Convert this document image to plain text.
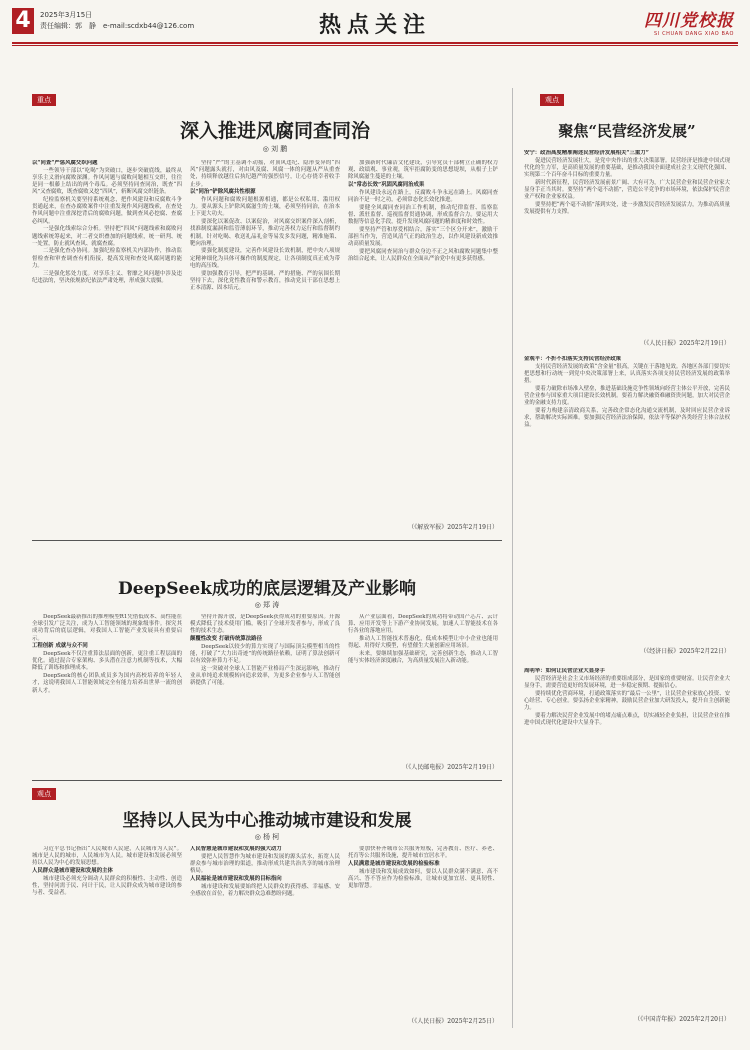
4	2025年3月15日
责任编辑：郭　静　e-mail:scdxb44@126.com	热点关注	四川党校报
SI CHUAN DANG XIAO BAO
重点
深入推进风腐同查同治
◎ 刘 鹏

以“同查”严惩风腐交织问题

一些领导干部以“吃喝”为突破口，逐步突破底线，最终从享乐主义滑向腐败深渊。作风问题与腐败问题相互交织，往往是同一根藤上结出的两个毒瓜。必须坚持同查同治，既查“四风”又查腐败，既查腐败又挖“四风”，斩断风腐交织链条。

纪检监察机关要坚持系统观念，把作风建设和反腐败斗争贯通起来，在查办腐败案件中注重发现作风问题线索，在查处作风问题中注重深挖背后的腐败问题，做到查风必挖腐、查腐必纠风。

一是强化线索综合分析。坚持把“四风”问题线索和腐败问题线索统筹起来，对二者交织叠加的问题线索，统一研判、统一处置，防止就风查风、就腐查腐。

二是强化查办协同。加强纪检监察机关内部协作，推动监督检查和审查调查有机衔接，提高发现和查处风腐问题的能力。

三是强化惩处力度。对享乐主义、奢靡之风问题中涉及违纪违法的，坚决依规依纪依法严肃处理，形成强大震慑。

坚持“严”的主基调不动摇，对顶风违纪、隐形变异的“四风”问题露头就打，对由风及腐、风腐一体的问题从严从重查处，持续释放越往后执纪越严的强烈信号，让心存侥幸者收手止步。

以“同治”铲除风腐共性根源

作风问题和腐败问题根源相通，都是公权私用、滥用权力。要从源头上铲除风腐滋生的土壤，必须坚持同治，在治本上下更大功夫。

要深化以案促改、以案促治，对风腐交织案件深入剖析，找准制度漏洞和监管薄弱环节，推动完善权力运行和监督制约机制。针对吃喝、收送礼品礼金等易发多发问题，精准施策、靶向治理。

要强化制度建设，完善作风建设长效机制，把中央八项规定精神细化为具体可操作的制度规定，让各项制度真正成为带电的高压线。

要加强教育引导，把严的基调、严的措施、严的氛围长期坚持下去，深化党性教育和警示教育，推动党员干部在思想上正本清源、固本培元。

加强新时代廉洁文化建设，引导党员干部树立正确的权力观、政绩观、事业观，筑牢拒腐防变的思想堤坝，从根子上铲除风腐滋生蔓延的土壤。

以“常态长效”巩固风腐同治成果

作风建设永远在路上，反腐败斗争永远在路上。风腐同查同治不是一时之功，必须常态化长效化推进。

要健全风腐同查同治工作机制，推动纪律监督、监察监督、派驻监督、巡视监督贯通协调，形成监督合力。要运用大数据等信息化手段，提升发现风腐问题的精准度和时效性。

要坚持严管和厚爱相结合，落实“三个区分开来”，激励干部担当作为，营造风清气正的政治生态，以作风建设新成效推动高质量发展。

要把风腐同查同治与群众身边不正之风和腐败问题集中整治结合起来，让人民群众在全面从严治党中有更多获得感。

（《解放军报》2025年2月19日）
DeepSeek成功的底层逻辑及产业影响
◎ 郑 涛

DeepSeek最新推出的推理模型R1凭借低成本、高性能在全球引发广泛关注，成为人工智能领域的现象级事件。探究其成功背后的底层逻辑，对我国人工智能产业发展具有重要启示。

工程创新 成就与众不同

DeepSeek不仅注重算法层面的创新，更注重工程层面的优化。通过混合专家架构、多头潜在注意力机制等技术，大幅降低了训练和推理成本。

DeepSeek的核心团队成员多为国内高校培养的年轻人才，这说明我国人工智能领域完全有能力培养出世界一流的创新人才。

坚持开源开放，是DeepSeek获得成功的重要原因。开源模式降低了技术使用门槛，吸引了全球开发者参与，形成了良性的技术生态。

颠覆性改变 打破传统算法路径

DeepSeek以较少的算力实现了与国际顶尖模型相当的性能，打破了“大力出奇迹”的传统路径依赖，证明了算法创新可以有效弥补算力不足。

这一突破对全球人工智能产业格局产生深远影响，推动行业从单纯追求规模转向追求效率，为更多企业参与人工智能创新提供了可能。

从产业层面看，DeepSeek的成功将带动国产芯片、云计算、应用开发等上下游产业协同发展，加速人工智能技术在各行各业的落地应用。

推动人工智能技术普惠化，低成本模型让中小企业也能用得起、用得好大模型，有望催生大量创新应用场景。

未来，要继续加强基础研究，完善创新生态，推动人工智能与实体经济深度融合，为高质量发展注入新动能。

（《人民邮电报》2025年2月19日）
观点
坚持以人民为中心推动城市建设和发展
◎ 杨 柯

习近平总书记指出“人民城市人民建，人民城市为人民”。城市是人民的城市，人民城市为人民。城市建设和发展必须坚持以人民为中心的发展思想。

人民群众是城市建设和发展的主体

城市建设必须充分调动人民群众的积极性、主动性、创造性，坚持问需于民、问计于民，让人民群众成为城市建设的参与者、受益者。

人民智慧是城市建设和发展的强大动力

要把人民智慧作为城市建设和发展的源头活水，拓宽人民群众参与城市治理的渠道，推动形成共建共治共享的城市治理格局。

人民福祉是城市建设和发展的目标指向

城市建设和发展要始终把人民群众的获得感、幸福感、安全感放在首位，着力解决群众急难愁盼问题。

要加快补齐城市公共服务短板，完善教育、医疗、养老、托育等公共服务设施，提升城市宜居水平。

人民满意是城市建设和发展的检验标准

城市建设和发展成效如何，要以人民群众满不满意、高不高兴、答不答应作为检验标准，让城市更加宜居、更具韧性、更加智慧。

（《人民日报》2025年2月25日）
观点
聚焦“民营经济发展”

安宁：政治高度精准阐述民营经济发展相关“三重力”

促进民营经济发展壮大，是党中央作出的重大决策部署。民营经济是推进中国式现代化的生力军，是高质量发展的重要基础，是推动我国全面建成社会主义现代化强国、实现第二个百年奋斗目标的重要力量。

新时代新征程，民营经济发展前景广阔、大有可为，广大民营企业和民营企业家大显身手正当其时。要坚持“两个毫不动摇”，营造公平竞争的市场环境，依法保护民营企业产权和企业家权益。

要坚持把“两个毫不动摇”落到实处，进一步激发民营经济发展活力，为推动高质量发展提供有力支撑。

（《人民日报》2025年2月19日）

金观平：不折不扣落实支持民营经济政策

支持民营经济发展的政策“含金量”很高，关键在于落地见效。各地区各部门要切实把思想和行动统一到党中央决策部署上来，认真落实各项支持民营经济发展的政策举措。

要着力破除市场准入壁垒，推进基础设施竞争性领域向经营主体公平开放，完善民营企业参与国家重大项目建设长效机制。要着力解决融资难融资贵问题，加大对民营企业的金融支持力度。

要着力构建亲清政商关系，完善政企常态化沟通交流机制，及时回应民营企业诉求，帮助解决实际困难。要加强民营经济法治保障，依法平等保护各类经营主体合法权益。

（《经济日报》2025年2月22日）

周明华：如何让民营企业大显身手

民营经济是社会主义市场经济的重要组成部分，是国家的重要财富。让民营企业大显身手，需要营造更好的发展环境，进一步稳定预期、提振信心。

要持续优化营商环境，打通政策落实的“最后一公里”，让民营企业家放心投资、安心经营、专心创业。要弘扬企业家精神，鼓励民营企业加大研发投入，提升自主创新能力。

要着力解决民营企业发展中的堵点痛点难点，切实减轻企业负担，让民营企业在推进中国式现代化建设中大显身手。

（《中国青年报》2025年2月20日）
